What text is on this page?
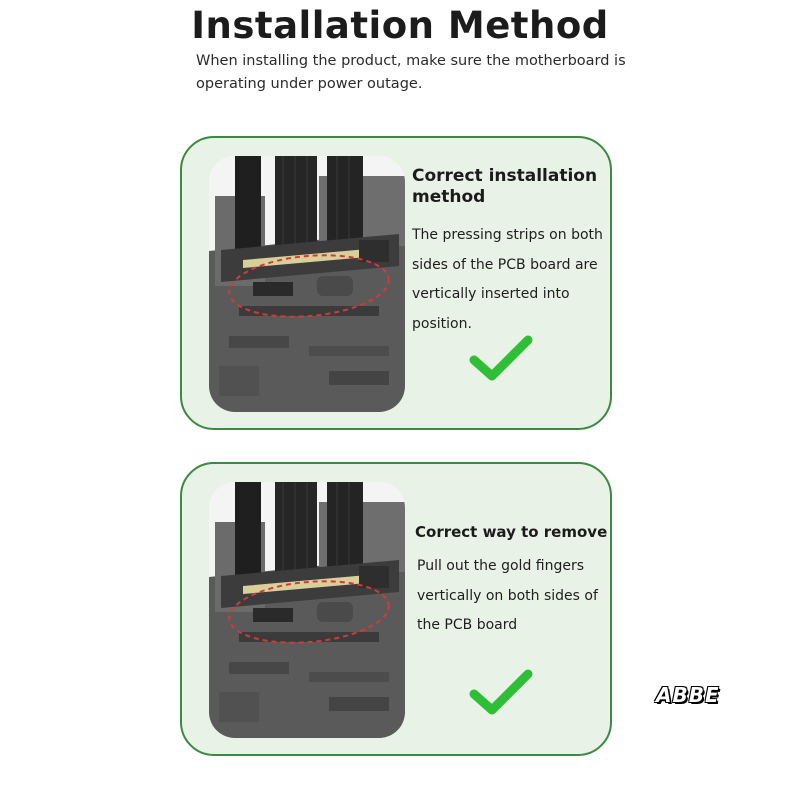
Installation Method
When installing the product, make sure the motherboard is operating under power outage.
Correct installation method
The pressing strips on both sides of the PCB board are vertically inserted into position.
Correct way to remove
Pull out the gold fingers vertically on both sides of the PCB board
ABBE
